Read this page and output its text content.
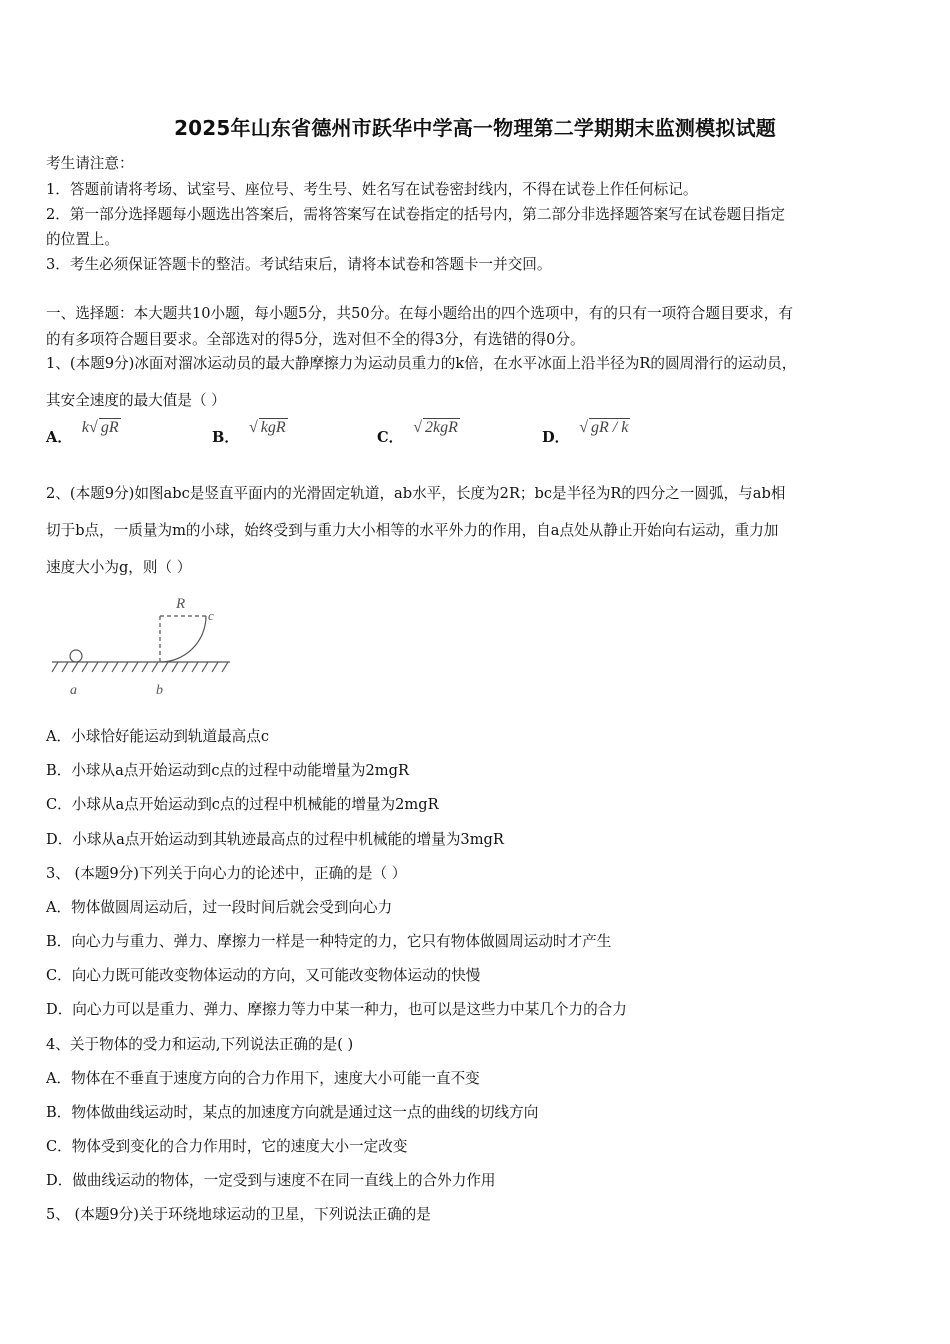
2025年山东省德州市跃华中学高一物理第二学期期末监测模拟试题
考生请注意：
1．答题前请将考场、试室号、座位号、考生号、姓名写在试卷密封线内，不得在试卷上作任何标记。
2．第一部分选择题每小题选出答案后，需将答案写在试卷指定的括号内，第二部分非选择题答案写在试卷题目指定
的位置上。
3．考生必须保证答题卡的整洁。考试结束后，请将本试卷和答题卡一并交回。
一、选择题：本大题共10小题，每小题5分，共50分。在每小题给出的四个选项中，有的只有一项符合题目要求，有
的有多项符合题目要求。全部选对的得5分，选对但不全的得3分，有选错的得0分。
1、(本题9分)冰面对溜冰运动员的最大静摩擦力为运动员重力的k倍，在水平冰面上沿半径为R的圆周滑行的运动员，
其安全速度的最大值是（ ）
A．k√ gR
B．√ kgR
C．√ 2kgR
D．√ gR / k
2、(本题9分)如图abc是竖直平面内的光滑固定轨道，ab水平，长度为2R；bc是半径为R的四分之一圆弧，与ab相
切于b点，一质量为m的小球，始终受到与重力大小相等的水平外力的作用，自a点处从静止开始向右运动，重力加
速度大小为g，则（ ）
R
c
a	b
A．小球恰好能运动到轨道最高点c
B．小球从a点开始运动到c点的过程中动能增量为2mgR
C．小球从a点开始运动到c点的过程中机械能的增量为2mgR
D．小球从a点开始运动到其轨迹最高点的过程中机械能的增量为3mgR
3、 (本题9分)下列关于向心力的论述中，正确的是（ ）
A．物体做圆周运动后，过一段时间后就会受到向心力
B．向心力与重力、弹力、摩擦力一样是一种特定的力，它只有物体做圆周运动时才产生
C．向心力既可能改变物体运动的方向，又可能改变物体运动的快慢
D．向心力可以是重力、弹力、摩擦力等力中某一种力，也可以是这些力中某几个力的合力
4、关于物体的受力和运动,下列说法正确的是( )
A．物体在不垂直于速度方向的合力作用下，速度大小可能一直不变
B．物体做曲线运动时，某点的加速度方向就是通过这一点的曲线的切线方向
C．物体受到变化的合力作用时，它的速度大小一定改变
D．做曲线运动的物体，一定受到与速度不在同一直线上的合外力作用
5、 (本题9分)关于环绕地球运动的卫星，下列说法正确的是
